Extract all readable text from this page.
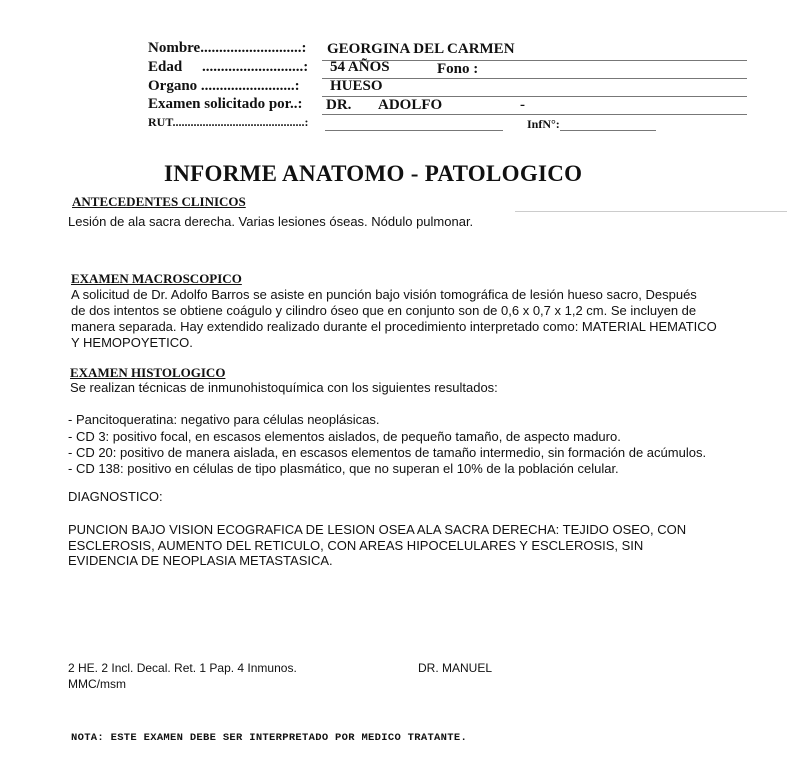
Nombre...........................: GEORGINA DEL CARMEN
Edad ...........................: 54 AÑOS	Fono :
Organo .........................: HUESO
Examen solicitado por..: DR. ADOLFO	-
RUT............................................:	InfN°:
INFORME ANATOMO - PATOLOGICO
ANTECEDENTES CLINICOS
Lesión de ala sacra derecha. Varias lesiones óseas. Nódulo pulmonar.
EXAMEN MACROSCOPICO
A solicitud de Dr. Adolfo Barros se asiste en punción bajo visión tomográfica de lesión hueso sacro, Después
de dos intentos se obtiene coágulo y cilindro óseo que en conjunto son de 0,6 x 0,7 x 1,2 cm. Se incluyen de
manera separada. Hay extendido realizado durante el procedimiento interpretado como: MATERIAL HEMATICO
Y HEMOPOYETICO.
EXAMEN HISTOLOGICO
Se realizan técnicas de inmunohistoquímica con los siguientes resultados:
- Pancitoqueratina: negativo para células neoplásicas.
- CD 3: positivo focal, en escasos elementos aislados, de pequeño tamaño, de aspecto maduro.
- CD 20: positivo de manera aislada, en escasos elementos de tamaño intermedio, sin formación de acúmulos.
- CD 138: positivo en células de tipo plasmático, que no superan el 10% de la población celular.
DIAGNOSTICO:
PUNCION BAJO VISION ECOGRAFICA DE LESION OSEA ALA SACRA DERECHA: TEJIDO OSEO, CON
ESCLEROSIS, AUMENTO DEL RETICULO, CON AREAS HIPOCELULARES Y ESCLEROSIS, SIN
EVIDENCIA DE NEOPLASIA METASTASICA.
2 HE. 2 Incl. Decal. Ret. 1 Pap. 4 Inmunos.
MMC/msm
DR. MANUEL
NOTA: ESTE EXAMEN DEBE SER INTERPRETADO POR MEDICO TRATANTE.
